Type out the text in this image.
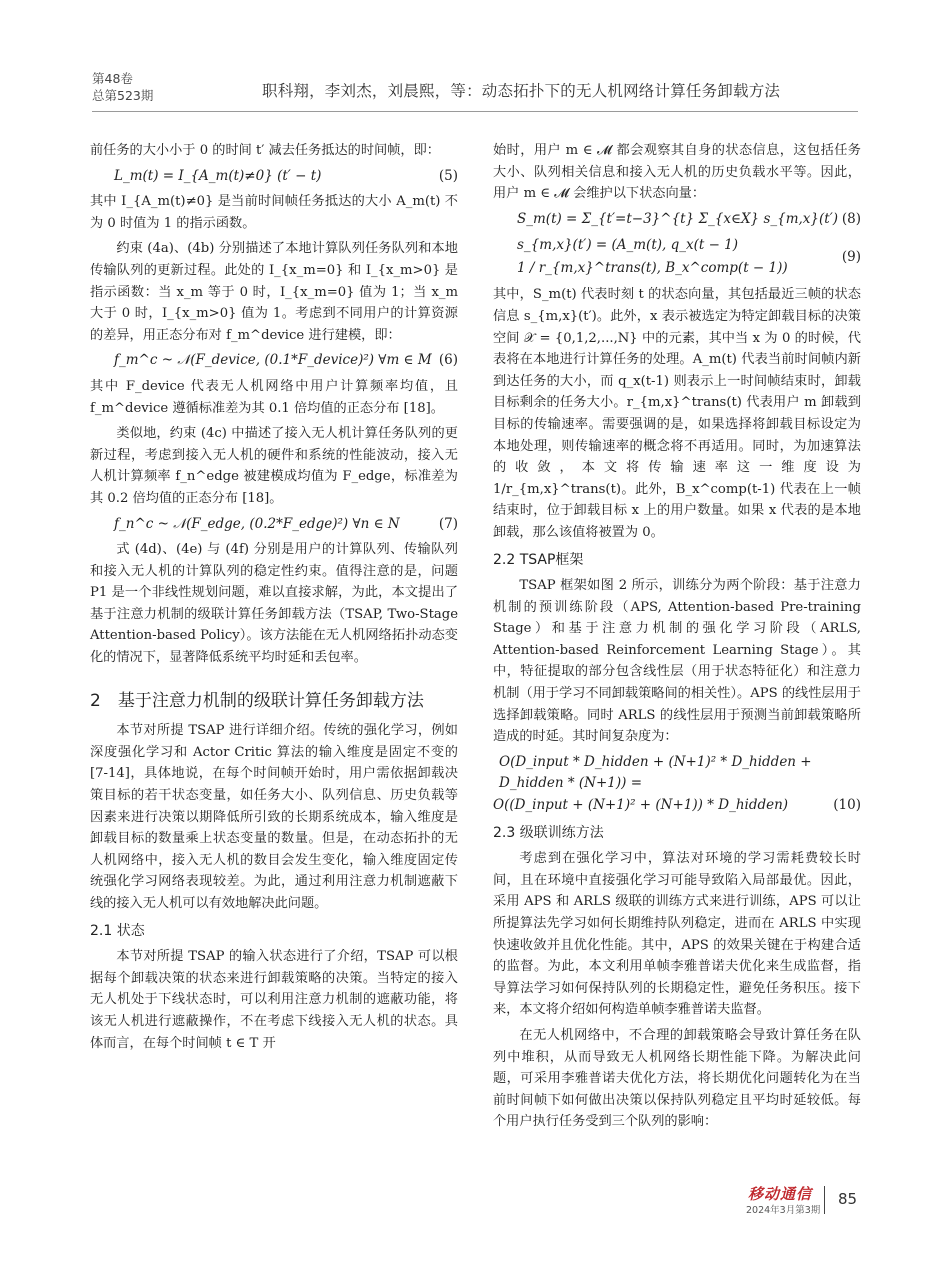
第48卷
总第523期	职科翔，李刘杰，刘晨熙，等：动态拓扑下的无人机网络计算任务卸载方法

前任务的大小小于 0 的时间 t′ 减去任务抵达的时间帧，即：

L_m(t) = I_{A_m(t)≠0} (t′ − t)	(5)

其中 I_{A_m(t)≠0} 是当前时间帧任务抵达的大小 A_m(t) 不为 0 时值为 1 的指示函数。

约束 (4a)、(4b) 分别描述了本地计算队列任务队列和本地传输队列的更新过程。此处的 I_{x_m=0} 和 I_{x_m>0} 是指示函数：当 x_m 等于 0 时，I_{x_m=0} 值为 1；当 x_m 大于 0 时，I_{x_m>0} 值为 1。考虑到不同用户的计算资源的差异，用正态分布对 f_m^device 进行建模，即：

f_m^c ~ 𝒩(F_device, (0.1*F_device)²) ∀m ∈ M (6)

其中 F_device 代表无人机网络中用户计算频率均值，且 f_m^device 遵循标准差为其 0.1 倍均值的正态分布 [18]。

类似地，约束 (4c) 中描述了接入无人机计算任务队列的更新过程，考虑到接入无人机的硬件和系统的性能波动，接入无人机计算频率 f_n^edge 被建模成均值为 F_edge，标准差为其 0.2 倍均值的正态分布 [18]。

f_n^c ~ 𝒩(F_edge, (0.2*F_edge)²) ∀n ∈ N	(7)

式 (4d)、(4e) 与 (4f) 分别是用户的计算队列、传输队列和接入无人机的计算队列的稳定性约束。值得注意的是，问题 P1 是一个非线性规划问题，难以直接求解，为此，本文提出了基于注意力机制的级联计算任务卸载方法（TSAP, Two-Stage Attention-based Policy）。该方法能在无人机网络拓扑动态变化的情况下，显著降低系统平均时延和丢包率。

2　基于注意力机制的级联计算任务卸载方法

本节对所提 TSAP 进行详细介绍。传统的强化学习，例如深度强化学习和 Actor Critic 算法的输入维度是固定不变的 [7-14]，具体地说，在每个时间帧开始时，用户需依据卸载决策目标的若干状态变量，如任务大小、队列信息、历史负载等因素来进行决策以期降低所引致的长期系统成本，输入维度是卸载目标的数量乘上状态变量的数量。但是，在动态拓扑的无人机网络中，接入无人机的数目会发生变化，输入维度固定传统强化学习网络表现较差。为此，通过利用注意力机制遮蔽下线的接入无人机可以有效地解决此问题。

2.1 状态

本节对所提 TSAP 的输入状态进行了介绍，TSAP 可以根据每个卸载决策的状态来进行卸载策略的决策。当特定的接入无人机处于下线状态时，可以利用注意力机制的遮蔽功能，将该无人机进行遮蔽操作，不在考虑下线接入无人机的状态。具体而言，在每个时间帧 t ∈ T 开

始时，用户 m ∈ 𝓜 都会观察其自身的状态信息，这包括任务大小、队列相关信息和接入无人机的历史负载水平等。因此，用户 m ∈ 𝓜 会维护以下状态向量：

S_m(t) = Σ_{t′=t−3}^{t} Σ_{x∈X} s_{m,x}(t′) (8)
s_{m,x}(t′) = (A_m(t), q_x(t − 1)
1 / r_{m,x}^trans(t), B_x^comp(t − 1))
(9)

其中，S_m(t) 代表时刻 t 的状态向量，其包括最近三帧的状态信息 s_{m,x}(t′)。此外，x 表示被选定为特定卸载目标的决策空间 𝒳 = {0,1,2,...,N} 中的元素，其中当 x 为 0 的时候，代表将在本地进行计算任务的处理。A_m(t) 代表当前时间帧内新到达任务的大小，而 q_x(t-1) 则表示上一时间帧结束时，卸载目标剩余的任务大小。r_{m,x}^trans(t) 代表用户 m 卸载到目标的传输速率。需要强调的是，如果选择将卸载目标设定为本地处理，则传输速率的概念将不再适用。同时，为加速算法的收敛，本文将传输速率这一维度设为 1/r_{m,x}^trans(t)。此外，B_x^comp(t-1) 代表在上一帧结束时，位于卸载目标 x 上的用户数量。如果 x 代表的是本地卸载，那么该值将被置为 0。

2.2 TSAP框架

TSAP 框架如图 2 所示，训练分为两个阶段：基于注意力机制的预训练阶段（APS, Attention-based Pre-training Stage）和基于注意力机制的强化学习阶段（ARLS, Attention-based Reinforcement Learning Stage）。其中，特征提取的部分包含线性层（用于状态特征化）和注意力机制（用于学习不同卸载策略间的相关性）。APS 的线性层用于选择卸载策略。同时 ARLS 的线性层用于预测当前卸载策略所造成的时延。其时间复杂度为：

O(D_input * D_hidden + (N+1)² * D_hidden + D_hidden * (N+1)) =
O((D_input + (N+1)² + (N+1)) * D_hidden)	(10)
2.3 级联训练方法

考虑到在强化学习中，算法对环境的学习需耗费较长时间，且在环境中直接强化学习可能导致陷入局部最优。因此，采用 APS 和 ARLS 级联的训练方式来进行训练，APS 可以让所提算法先学习如何长期维持队列稳定，进而在 ARLS 中实现快速收敛并且优化性能。其中，APS 的效果关键在于构建合适的监督。为此，本文利用单帧李雅普诺夫优化来生成监督，指导算法学习如何保持队列的长期稳定性，避免任务积压。接下来，本文将介绍如何构造单帧李雅普诺夫监督。

在无人机网络中，不合理的卸载策略会导致计算任务在队列中堆积，从而导致无人机网络长期性能下降。为解决此问题，可采用李雅普诺夫优化方法，将长期优化问题转化为在当前时间帧下如何做出决策以保持队列稳定且平均时延较低。每个用户执行任务受到三个队列的影响：

移动通信
2024年3月第3期
85
